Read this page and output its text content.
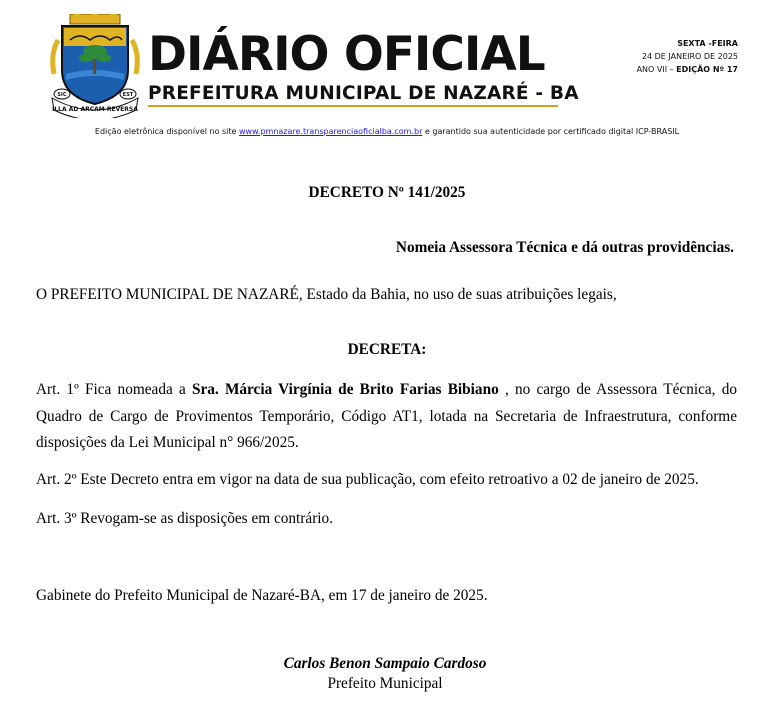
ILLA AD ARCAM REVERSA
SIC	EST
DIÁRIO OFICIAL
PREFEITURA MUNICIPAL DE NAZARÉ - BA
SEXTA -FEIRA
24 DE JANEIRO DE 2025
ANO VII – EDIÇÃO Nº 17
Edição eletrônica disponível no site www.pmnazare.transparenciaoficialba.com.br e garantido sua autenticidade por certificado digital ICP-BRASIL
DECRETO Nº 141/2025
Nomeia Assessora Técnica e dá outras providências.
O PREFEITO MUNICIPAL DE NAZARÉ, Estado da Bahia, no uso de suas atribuições legais,
DECRETA:
Art. 1º Fica nomeada a Sra. Márcia Virgínia de Brito Farias Bibiano , no cargo de Assessora Técnica, do Quadro de Cargo de Provimentos Temporário, Código AT1, lotada na Secretaria de Infraestrutura, conforme disposições da Lei Municipal n° 966/2025.
Art. 2º Este Decreto entra em vigor na data de sua publicação, com efeito retroativo a 02 de janeiro de 2025.
Art. 3º Revogam-se as disposições em contrário.
Gabinete do Prefeito Municipal de Nazaré-BA, em 17 de janeiro de 2025.
Carlos Benon Sampaio Cardoso
Prefeito Municipal
